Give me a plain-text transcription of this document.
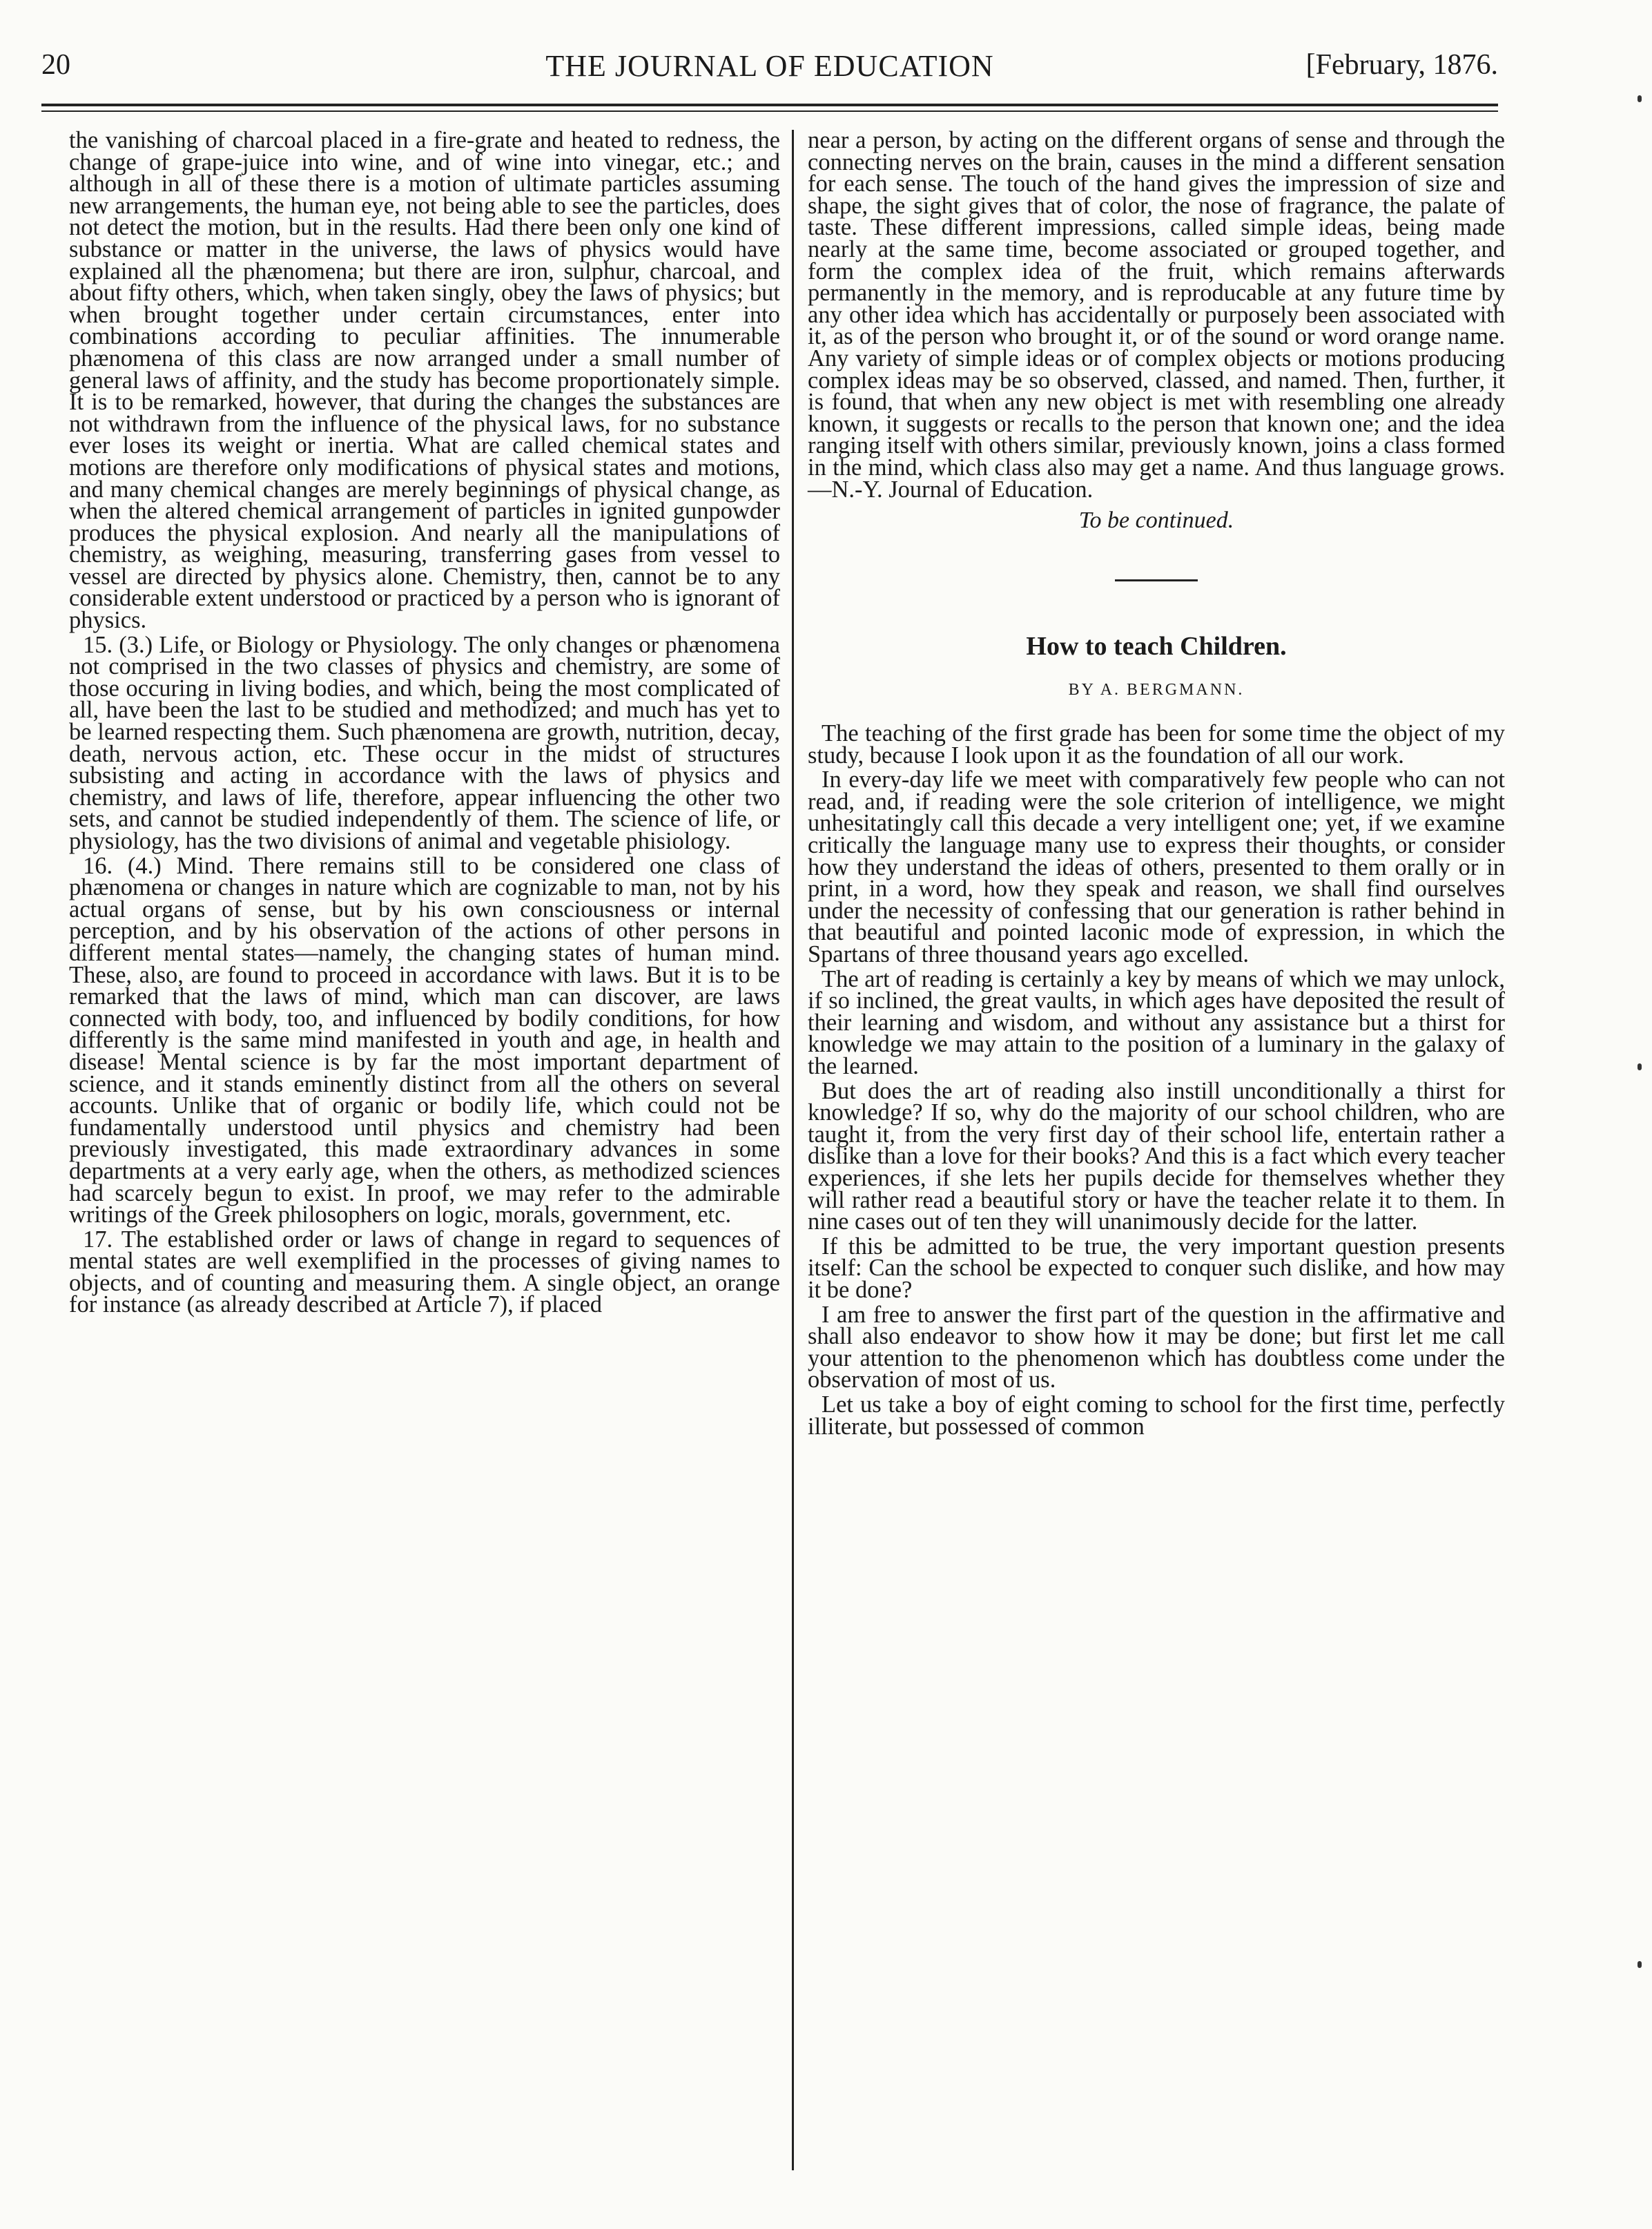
20	THE JOURNAL OF EDUCATION	[February, 1876.

the vanishing of charcoal placed in a fire-grate and heated to redness, the change of grape-juice into wine, and of wine into vinegar, etc.; and although in all of these there is a motion of ultimate particles assuming new arrangements, the human eye, not being able to see the particles, does not detect the motion, but in the results. Had there been only one kind of substance or matter in the universe, the laws of physics would have explained all the phænomena; but there are iron, sulphur, charcoal, and about fifty others, which, when taken singly, obey the laws of physics; but when brought together under certain circumstances, enter into combinations according to peculiar affinities. The innumerable phænomena of this class are now arranged under a small number of general laws of affinity, and the study has become proportionately simple. It is to be remarked, however, that during the changes the substances are not withdrawn from the influence of the physical laws, for no substance ever loses its weight or inertia. What are called chemical states and motions are therefore only modifications of physical states and motions, and many chemical changes are merely beginnings of physical change, as when the altered chemical arrangement of particles in ignited gunpowder produces the physical explosion. And nearly all the manipulations of chemistry, as weighing, measuring, transferring gases from vessel to vessel are directed by physics alone. Chemistry, then, cannot be to any considerable extent understood or practiced by a person who is ignorant of physics.

15. (3.) Life, or Biology or Physiology. The only changes or phænomena not comprised in the two classes of physics and chemistry, are some of those occuring in living bodies, and which, being the most complicated of all, have been the last to be studied and methodized; and much has yet to be learned respecting them. Such phænomena are growth, nutrition, decay, death, nervous action, etc. These occur in the midst of structures subsisting and acting in accordance with the laws of physics and chemistry, and laws of life, therefore, appear influencing the other two sets, and cannot be studied independently of them. The science of life, or physiology, has the two divisions of animal and vegetable phisiology.

16. (4.) Mind. There remains still to be considered one class of phænomena or changes in nature which are cognizable to man, not by his actual organs of sense, but by his own consciousness or internal perception, and by his observation of the actions of other persons in different mental states—namely, the changing states of human mind. These, also, are found to proceed in accordance with laws. But it is to be remarked that the laws of mind, which man can discover, are laws connected with body, too, and influenced by bodily conditions, for how differently is the same mind manifested in youth and age, in health and disease! Mental science is by far the most important department of science, and it stands eminently distinct from all the others on several accounts. Unlike that of organic or bodily life, which could not be fundamentally understood until physics and chemistry had been previously investigated, this made extraordinary advances in some departments at a very early age, when the others, as methodized sciences had scarcely begun to exist. In proof, we may refer to the admirable writings of the Greek philosophers on logic, morals, government, etc.

17. The established order or laws of change in regard to sequences of mental states are well exemplified in the processes of giving names to objects, and of counting and measuring them. A single object, an orange for instance (as already described at Article 7), if placed

near a person, by acting on the different organs of sense and through the connecting nerves on the brain, causes in the mind a different sensation for each sense. The touch of the hand gives the impression of size and shape, the sight gives that of color, the nose of fragrance, the palate of taste. These different impressions, called simple ideas, being made nearly at the same time, become associated or grouped together, and form the complex idea of the fruit, which remains afterwards permanently in the memory, and is reproducable at any future time by any other idea which has accidentally or purposely been associated with it, as of the person who brought it, or of the sound or word orange name. Any variety of simple ideas or of complex objects or motions producing complex ideas may be so observed, classed, and named. Then, further, it is found, that when any new object is met with resembling one already known, it suggests or recalls to the person that known one; and the idea ranging itself with others similar, previously known, joins a class formed in the mind, which class also may get a name. And thus language grows.—N.-Y. Journal of Education.

To be continued.

How to teach Children.
BY A. BERGMANN.

The teaching of the first grade has been for some time the object of my study, because I look upon it as the foundation of all our work.

In every-day life we meet with comparatively few people who can not read, and, if reading were the sole criterion of intelligence, we might unhesitatingly call this decade a very intelligent one; yet, if we examine critically the language many use to express their thoughts, or consider how they understand the ideas of others, presented to them orally or in print, in a word, how they speak and reason, we shall find ourselves under the necessity of confessing that our generation is rather behind in that beautiful and pointed laconic mode of expression, in which the Spartans of three thousand years ago excelled.

The art of reading is certainly a key by means of which we may unlock, if so inclined, the great vaults, in which ages have deposited the result of their learning and wisdom, and without any assistance but a thirst for knowledge we may attain to the position of a luminary in the galaxy of the learned.

But does the art of reading also instill unconditionally a thirst for knowledge? If so, why do the majority of our school children, who are taught it, from the very first day of their school life, entertain rather a dislike than a love for their books? And this is a fact which every teacher experiences, if she lets her pupils decide for themselves whether they will rather read a beautiful story or have the teacher relate it to them. In nine cases out of ten they will unanimously decide for the latter.

If this be admitted to be true, the very important question presents itself: Can the school be expected to conquer such dislike, and how may it be done?

I am free to answer the first part of the question in the affirmative and shall also endeavor to show how it may be done; but first let me call your attention to the phenomenon which has doubtless come under the observation of most of us.

Let us take a boy of eight coming to school for the first time, perfectly illiterate, but possessed of common
